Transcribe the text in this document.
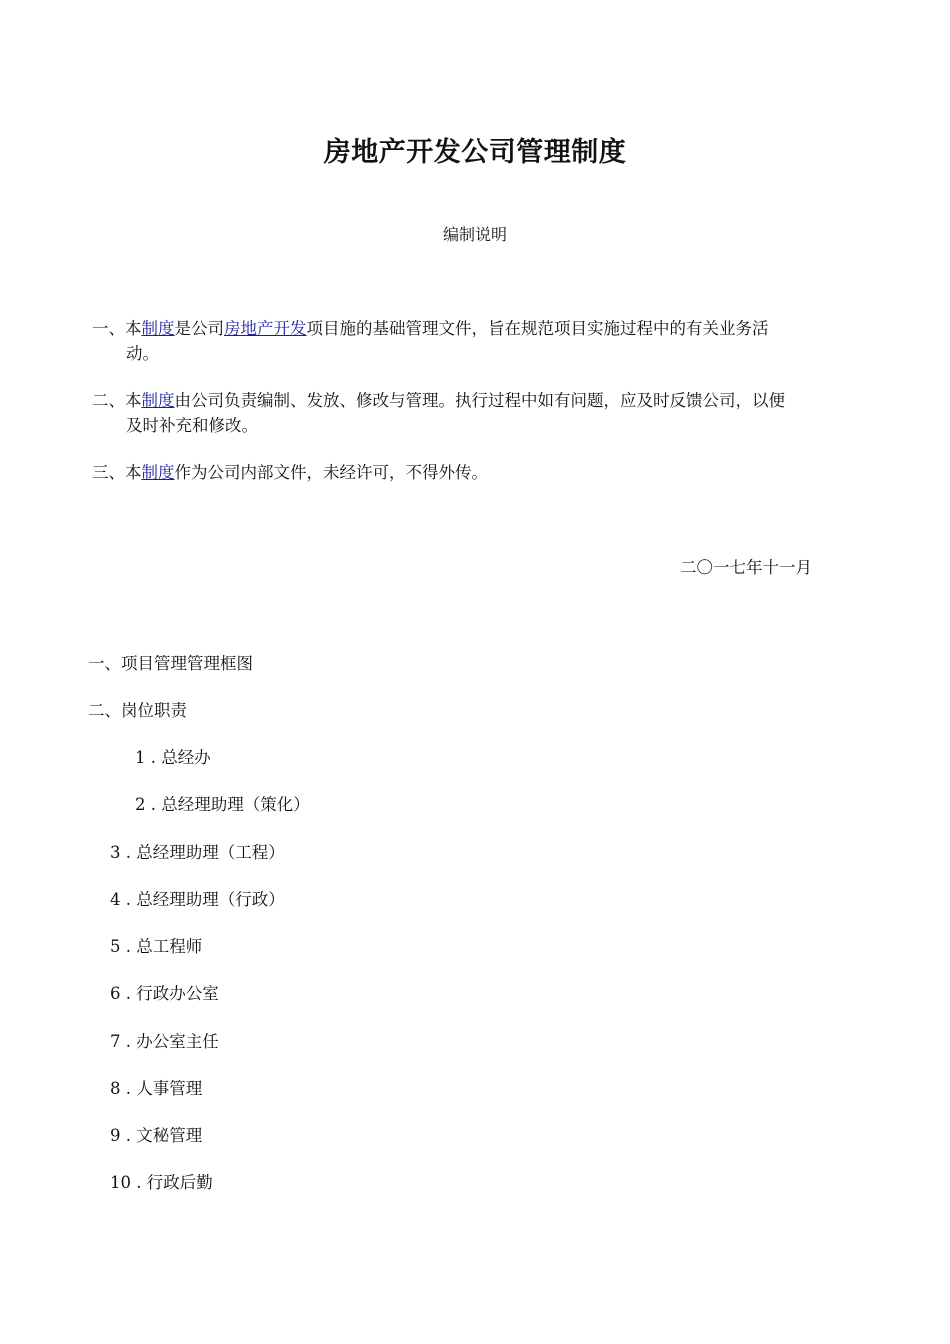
房地产开发公司管理制度
编制说明
一、本制度是公司房地产开发项目施的基础管理文件，旨在规范项目实施过程中的有关业务活
动。
二、本制度由公司负责编制、发放、修改与管理。执行过程中如有问题，应及时反馈公司，以便
及时补充和修改。
三、本制度作为公司内部文件，未经许可，不得外传。
二〇一七年十一月
一、项目管理管理框图
二、岗位职责
1 . 总经办
2 . 总经理助理（策化）
3 . 总经理助理（工程）
4 . 总经理助理（行政）
5 . 总工程师
6 . 行政办公室
7 . 办公室主任
8 . 人事管理
9 . 文秘管理
10 . 行政后勤
